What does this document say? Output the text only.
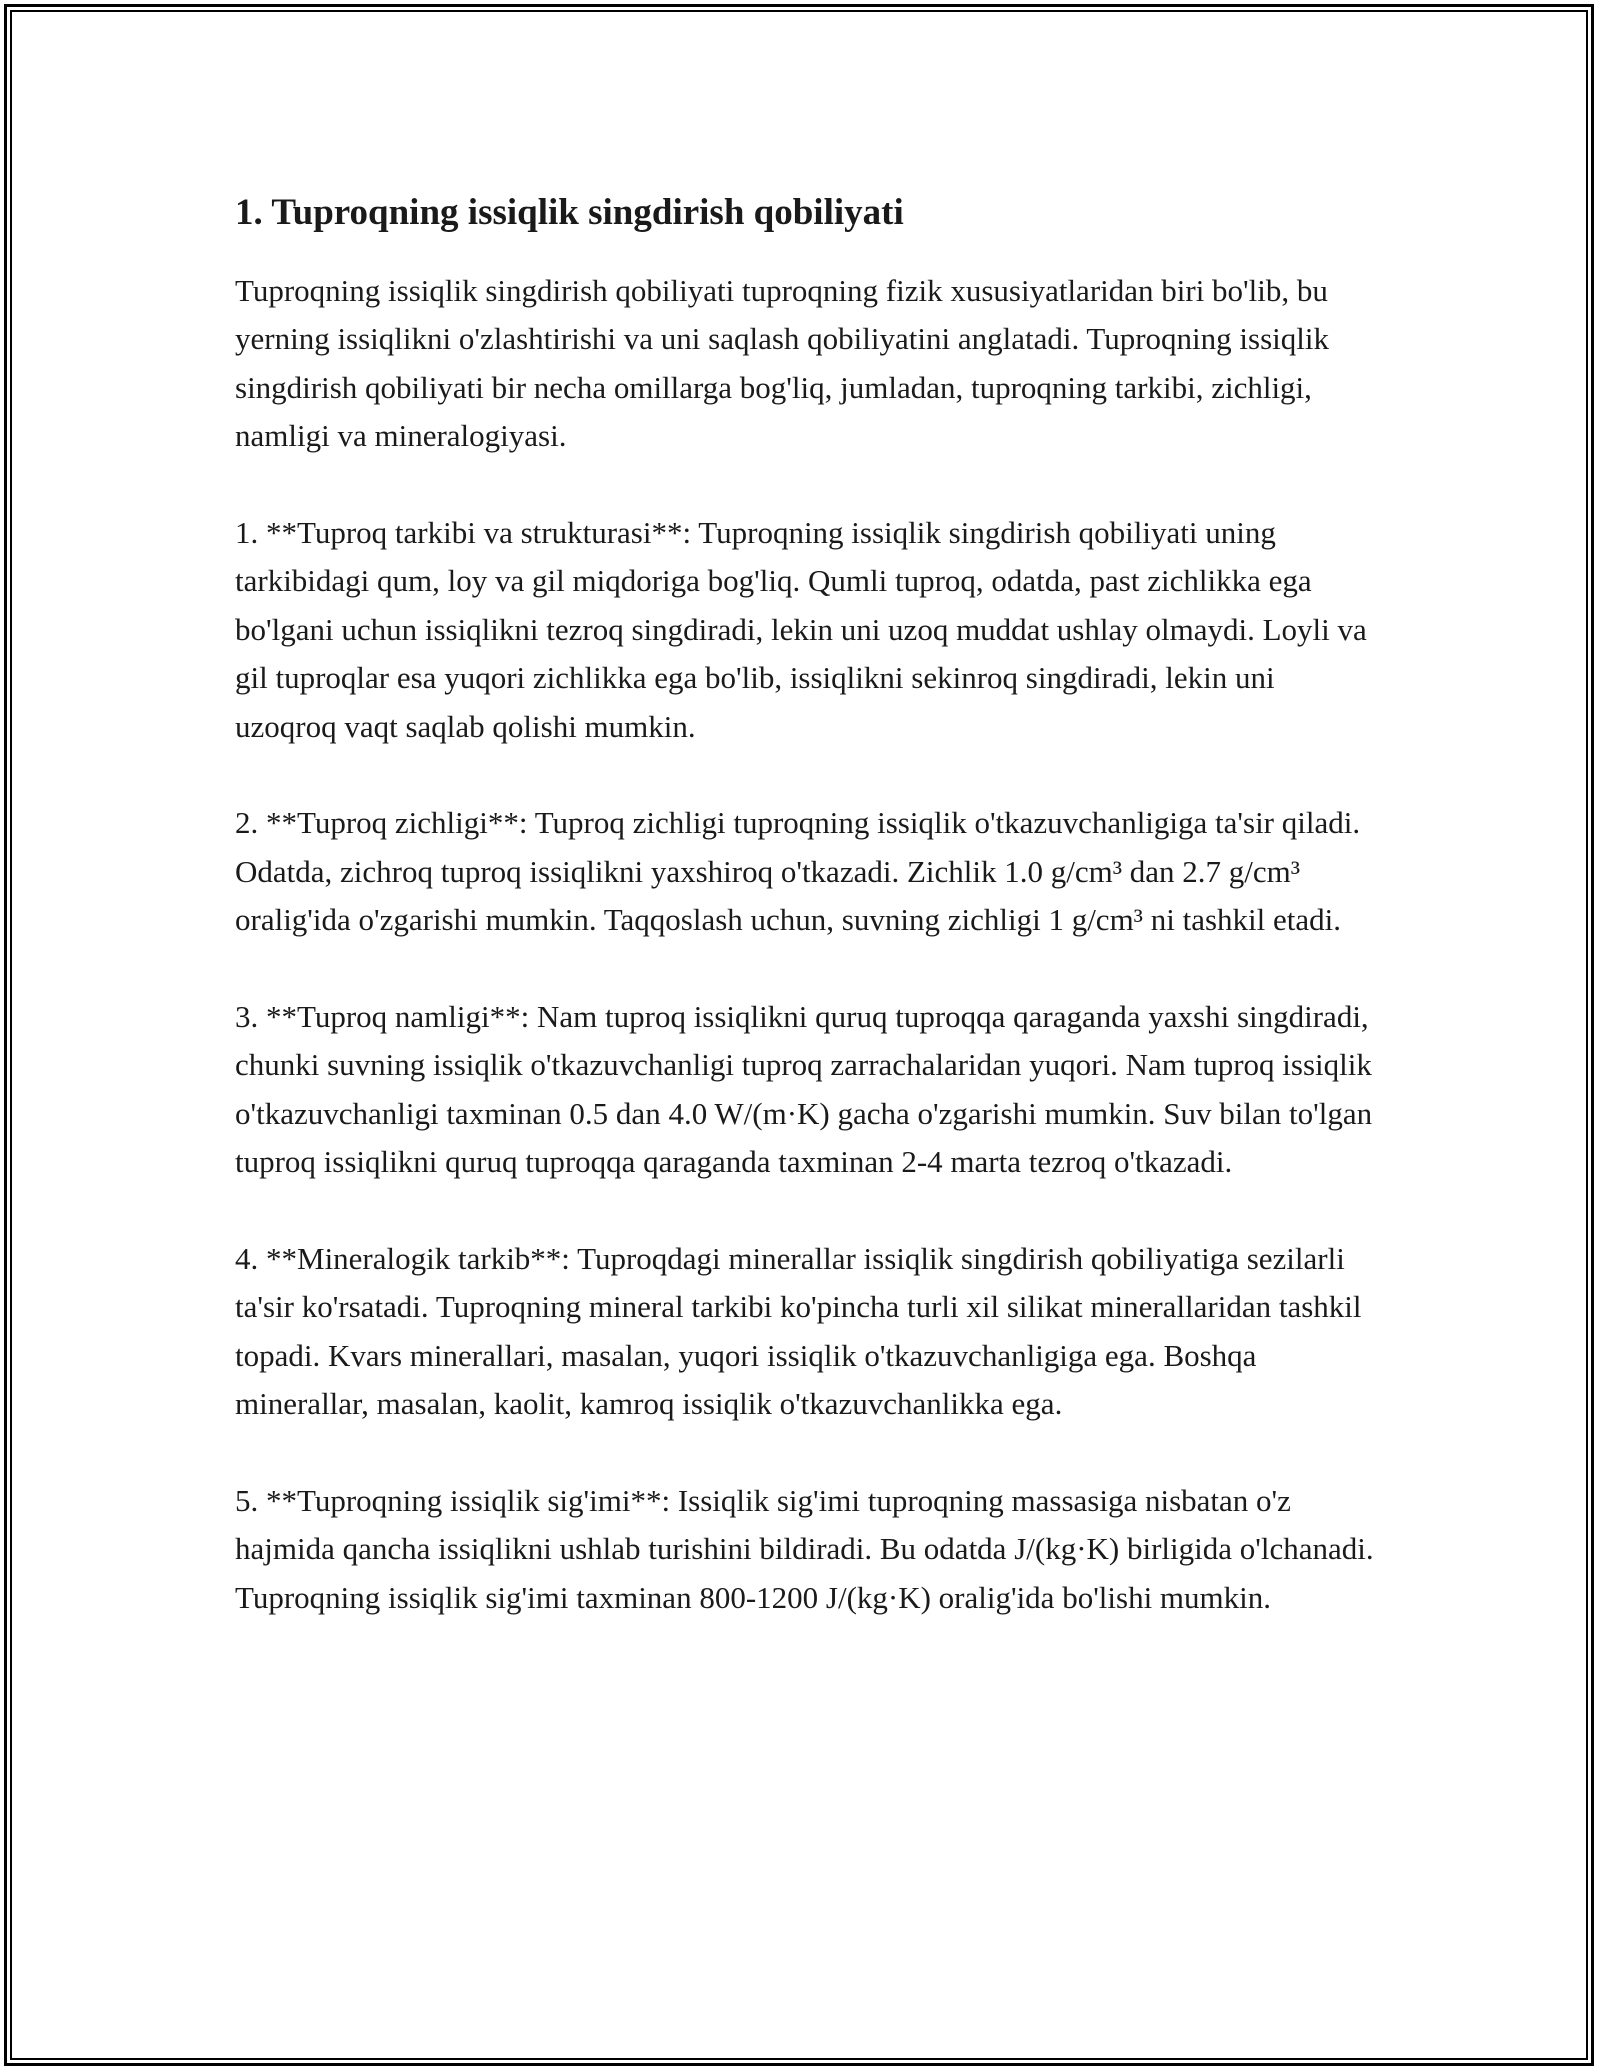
1. Tuproqning issiqlik singdirish qobiliyati

Tuproqning issiqlik singdirish qobiliyati tuproqning fizik xususiyatlaridan biri bo'lib, bu yerning issiqlikni o'zlashtirishi va uni saqlash qobiliyatini anglatadi. Tuproqning issiqlik singdirish qobiliyati bir necha omillarga bog'liq, jumladan, tuproqning tarkibi, zichligi, namligi va mineralogiyasi.

1. **Tuproq tarkibi va strukturasi**: Tuproqning issiqlik singdirish qobiliyati uning tarkibidagi qum, loy va gil miqdoriga bog'liq. Qumli tuproq, odatda, past zichlikka ega bo'lgani uchun issiqlikni tezroq singdiradi, lekin uni uzoq muddat ushlay olmaydi. Loyli va gil tuproqlar esa yuqori zichlikka ega bo'lib, issiqlikni sekinroq singdiradi, lekin uni uzoqroq vaqt saqlab qolishi mumkin.

2. **Tuproq zichligi**: Tuproq zichligi tuproqning issiqlik o'tkazuvchanligiga ta'sir qiladi. Odatda, zichroq tuproq issiqlikni yaxshiroq o'tkazadi. Zichlik 1.0 g/cm³ dan 2.7 g/cm³ oralig'ida o'zgarishi mumkin. Taqqoslash uchun, suvning zichligi 1 g/cm³ ni tashkil etadi.

3. **Tuproq namligi**: Nam tuproq issiqlikni quruq tuproqqa qaraganda yaxshi singdiradi, chunki suvning issiqlik o'tkazuvchanligi tuproq zarrachalaridan yuqori. Nam tuproq issiqlik o'tkazuvchanligi taxminan 0.5 dan 4.0 W/(m·K) gacha o'zgarishi mumkin. Suv bilan to'lgan tuproq issiqlikni quruq tuproqqa qaraganda taxminan 2-4 marta tezroq o'tkazadi.

4. **Mineralogik tarkib**: Tuproqdagi minerallar issiqlik singdirish qobiliyatiga sezilarli ta'sir ko'rsatadi. Tuproqning mineral tarkibi ko'pincha turli xil silikat minerallaridan tashkil topadi. Kvars minerallari, masalan, yuqori issiqlik o'tkazuvchanligiga ega. Boshqa minerallar, masalan, kaolit, kamroq issiqlik o'tkazuvchanlikka ega.

5. **Tuproqning issiqlik sig'imi**: Issiqlik sig'imi tuproqning massasiga nisbatan o'z hajmida qancha issiqlikni ushlab turishini bildiradi. Bu odatda J/(kg·K) birligida o'lchanadi. Tuproqning issiqlik sig'imi taxminan 800-1200 J/(kg·K) oralig'ida bo'lishi mumkin.
